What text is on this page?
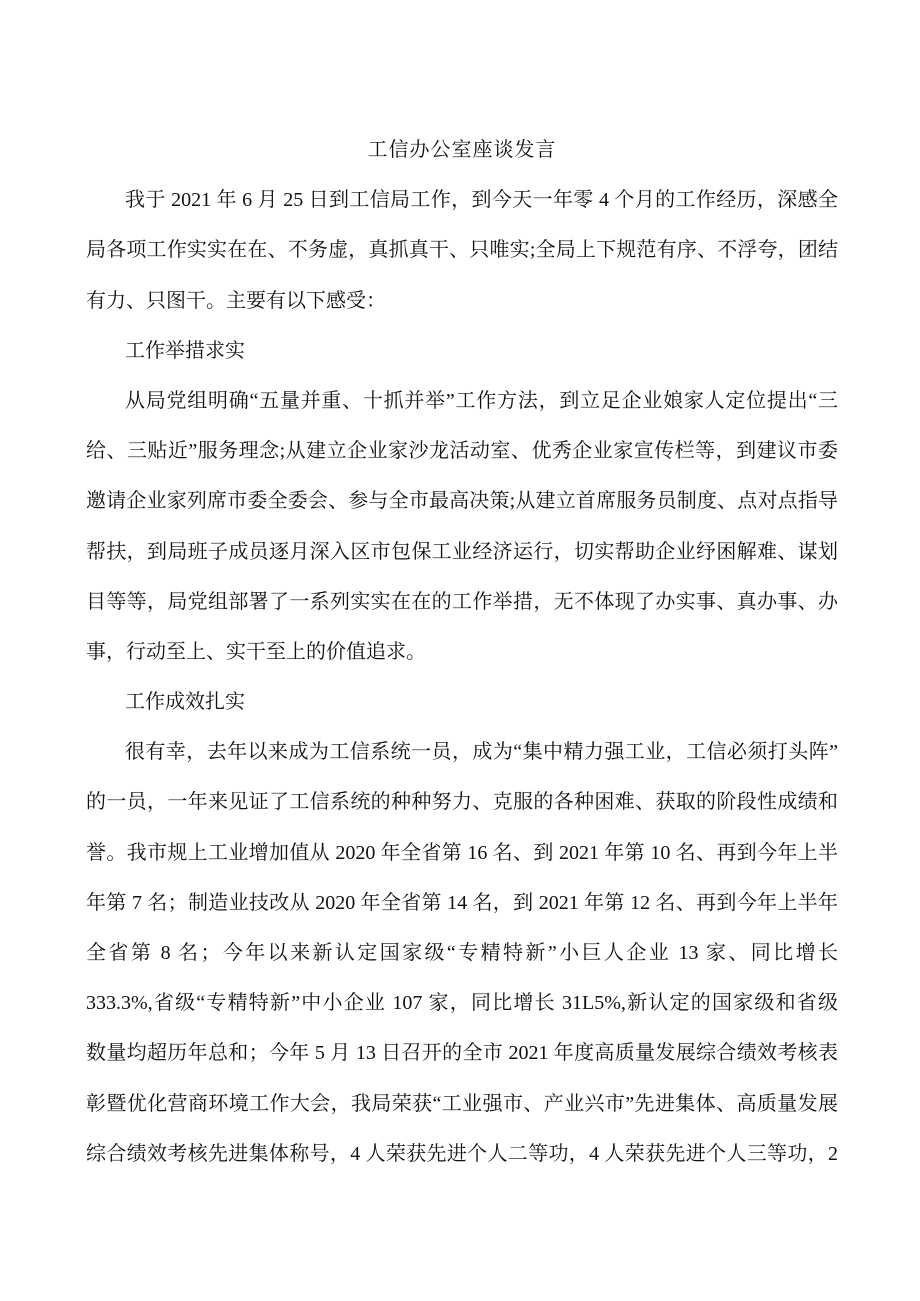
工信办公室座谈发言
我于 2021 年 6 月 25 日到工信局工作，到今天一年零 4 个月的工作经历，深感全
局各项工作实实在在、不务虚，真抓真干、只唯实;全局上下规范有序、不浮夸，团结
有力、只图干。主要有以下感受：
工作举措求实
从局党组明确“五量并重、十抓并举”工作方法，到立足企业娘家人定位提出“三
给、三贴近”服务理念;从建立企业家沙龙活动室、优秀企业家宣传栏等，到建议市委
邀请企业家列席市委全委会、参与全市最高决策;从建立首席服务员制度、点对点指导
帮扶，到局班子成员逐月深入区市包保工业经济运行，切实帮助企业纾困解难、谋划
目等等，局党组部署了一系列实实在在的工作举措，无不体现了办实事、真办事、办
事，行动至上、实干至上的价值追求。
工作成效扎实
很有幸，去年以来成为工信系统一员，成为“集中精力强工业，工信必须打头阵”
的一员，一年来见证了工信系统的种种努力、克服的各种困难、获取的阶段性成绩和
誉。我市规上工业增加值从 2020 年全省第 16 名、到 2021 年第 10 名、再到今年上半
年第 7 名；制造业技改从 2020 年全省第 14 名，到 2021 年第 12 名、再到今年上半年
全省第 8 名；今年以来新认定国家级“专精特新”小巨人企业 13 家、同比增长
333.3%,省级“专精特新”中小企业 107 家，同比增长 31L5%,新认定的国家级和省级
数量均超历年总和；今年 5 月 13 日召开的全市 2021 年度高质量发展综合绩效考核表
彰暨优化营商环境工作大会，我局荣获“工业强市、产业兴市”先进集体、高质量发展
综合绩效考核先进集体称号，4 人荣获先进个人二等功，4 人荣获先进个人三等功，2
